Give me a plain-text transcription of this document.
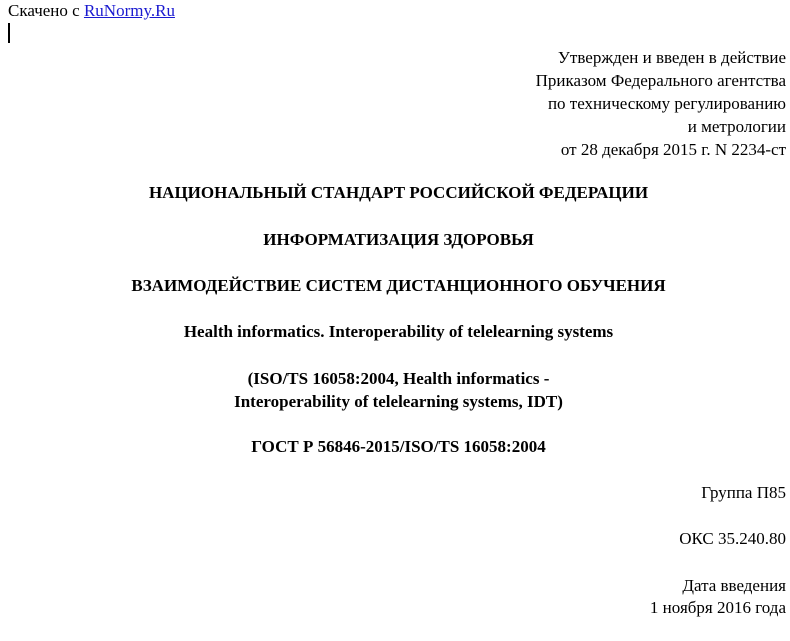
Скачено с RuNormy.Ru
Утвержден и введен в действие
Приказом Федерального агентства
по техническому регулированию
и метрологии
от 28 декабря 2015 г. N 2234-ст
НАЦИОНАЛЬНЫЙ СТАНДАРТ РОССИЙСКОЙ ФЕДЕРАЦИИ
ИНФОРМАТИЗАЦИЯ ЗДОРОВЬЯ
ВЗАИМОДЕЙСТВИЕ СИСТЕМ ДИСТАНЦИОННОГО ОБУЧЕНИЯ
Health informatics. Interoperability of telelearning systems
(ISO/TS 16058:2004, Health informatics -
Interoperability of telelearning systems, IDT)
ГОСТ Р 56846-2015/ISO/TS 16058:2004
Группа П85
ОКС 35.240.80
Дата введения
1 ноября 2016 года
